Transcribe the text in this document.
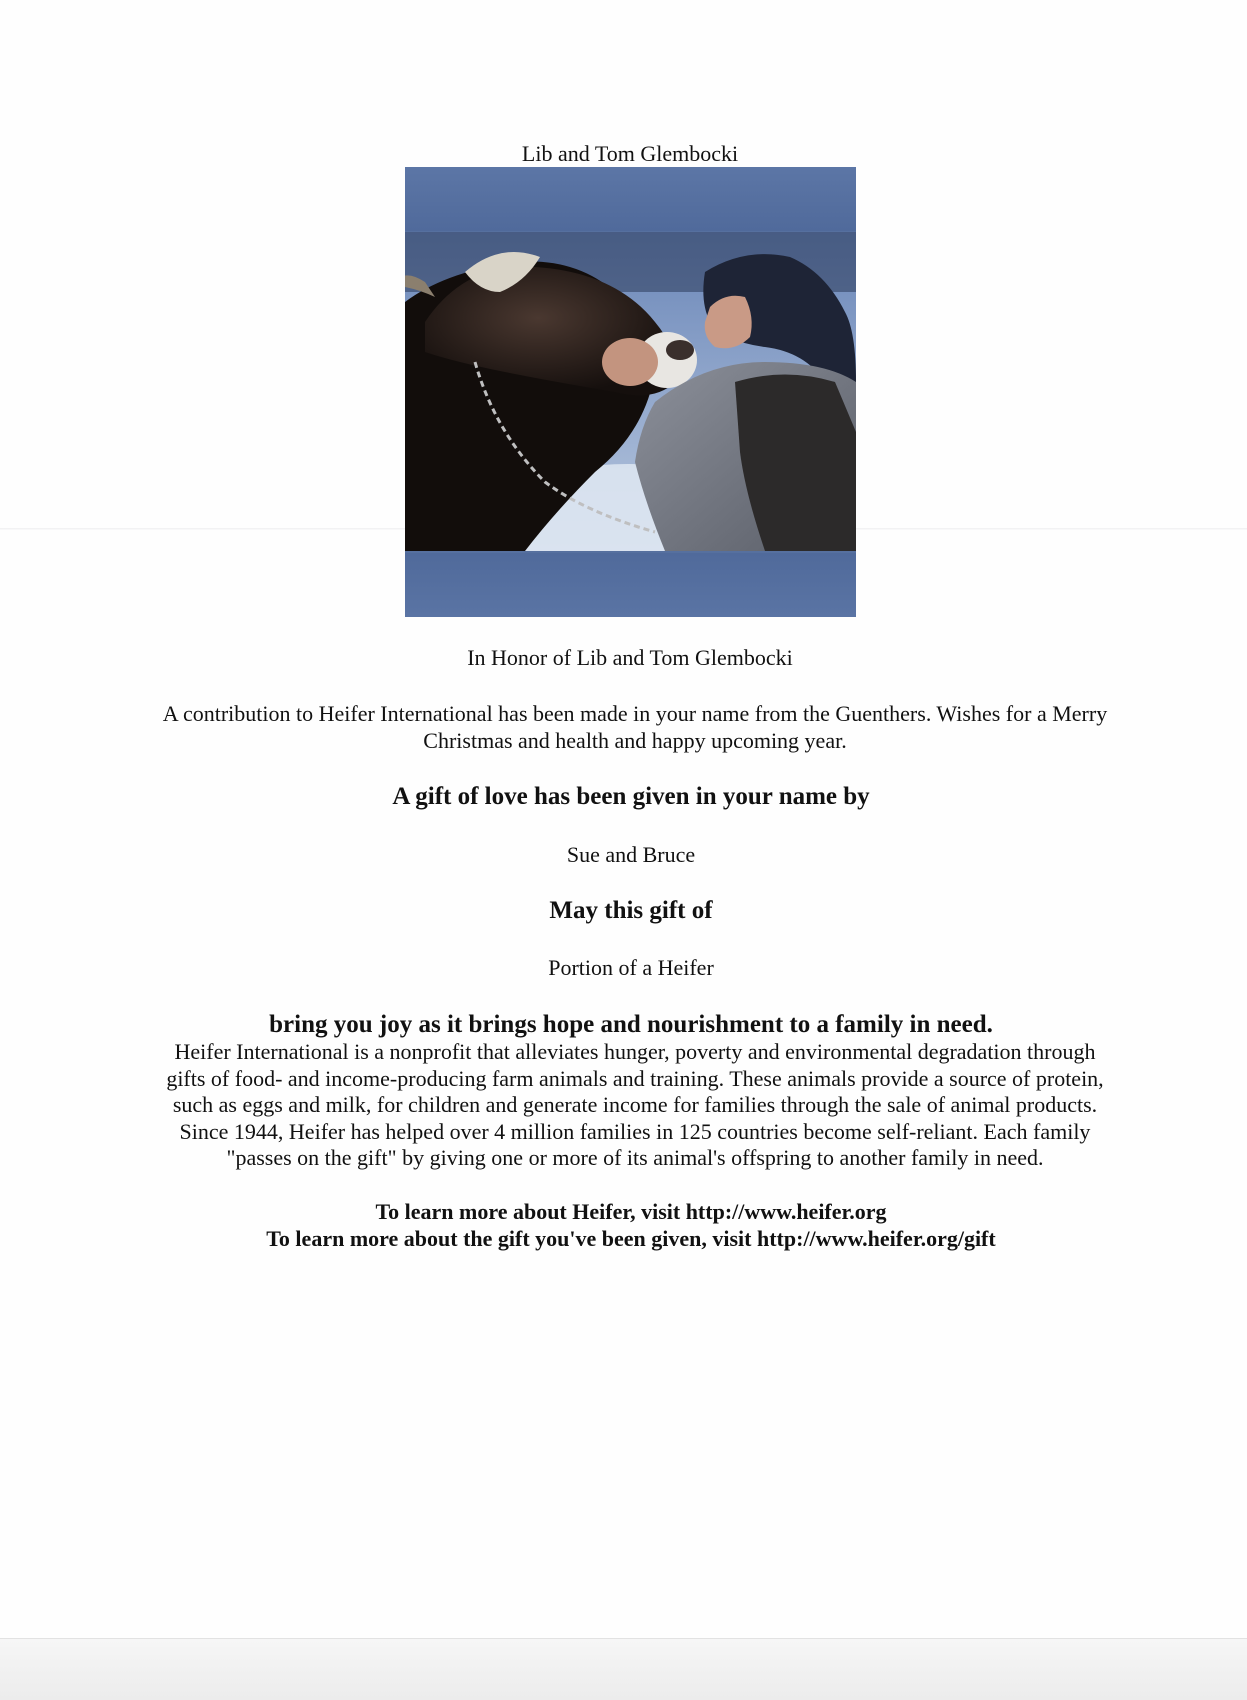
Lib and Tom Glembocki
In Honor of Lib and Tom Glembocki
A contribution to Heifer International has been made in your name from the Guenthers. Wishes for a Merry
Christmas and health and happy upcoming year.
A gift of love has been given in your name by
Sue and Bruce
May this gift of
Portion of a Heifer
bring you joy as it brings hope and nourishment to a family in need.
Heifer International is a nonprofit that alleviates hunger, poverty and environmental degradation through
gifts of food- and income-producing farm animals and training. These animals provide a source of protein,
such as eggs and milk, for children and generate income for families through the sale of animal products.
Since 1944, Heifer has helped over 4 million families in 125 countries become self-reliant. Each family
"passes on the gift" by giving one or more of its animal's offspring to another family in need.
To learn more about Heifer, visit http://www.heifer.org
To learn more about the gift you've been given, visit http://www.heifer.org/gift
